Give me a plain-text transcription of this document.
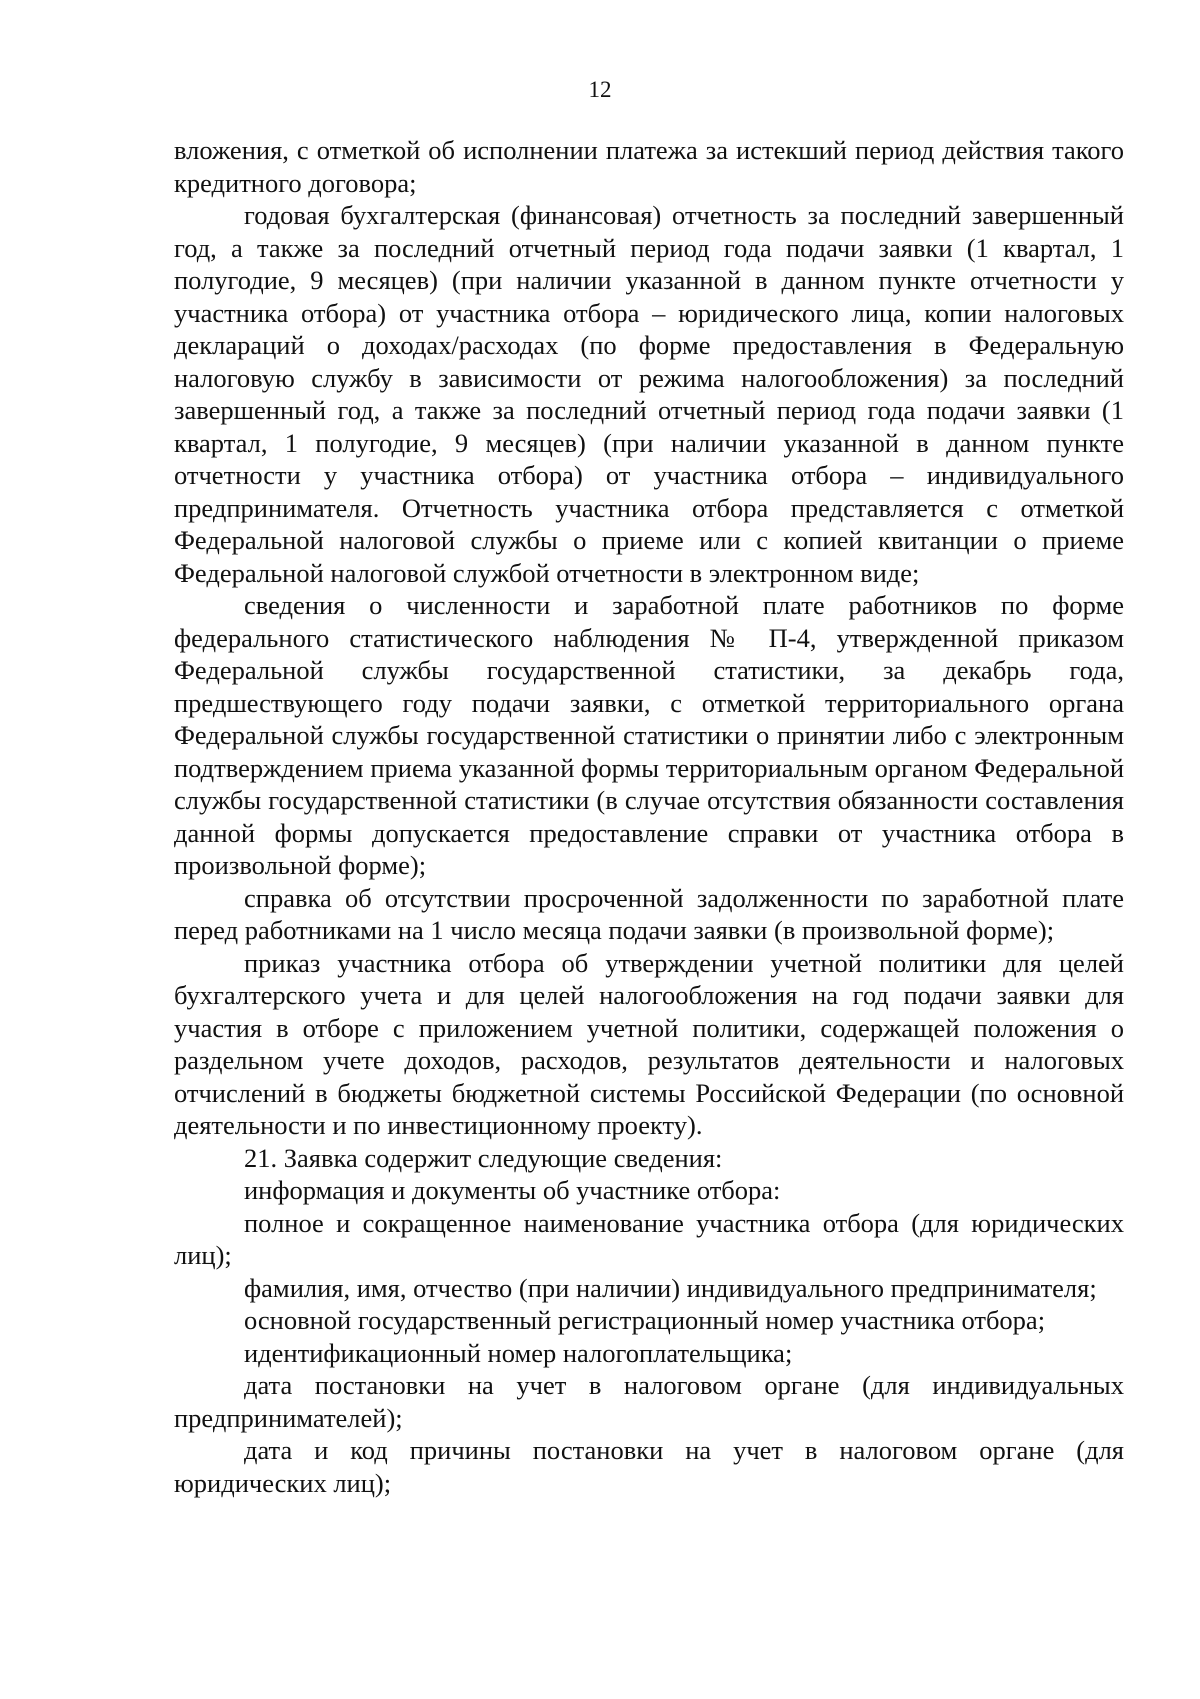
12

вложения, с отметкой об исполнении платежа за истекший период действия такого кредитного договора;

годовая бухгалтерская (финансовая) отчетность за последний завершенный год, а также за последний отчетный период года подачи заявки (1 квартал, 1 полугодие, 9 месяцев) (при наличии указанной в данном пункте отчетности у участника отбора) от участника отбора – юридического лица, копии налоговых деклараций о доходах/расходах (по форме предоставления в Федеральную налоговую службу в зависимости от режима налогообложения) за последний завершенный год, а также за последний отчетный период года подачи заявки (1 квартал, 1 полугодие, 9 месяцев) (при наличии указанной в данном пункте отчетности у участника отбора) от участника отбора – индивидуального предпринимателя. Отчетность участника отбора представляется с отметкой Федеральной налоговой службы о приеме или с копией квитанции о приеме Федеральной налоговой службой отчетности в электронном виде;

сведения о численности и заработной плате работников по форме федерального статистического наблюдения № П-4, утвержденной приказом Федеральной службы государственной статистики, за декабрь года, предшествующего году подачи заявки, с отметкой территориального органа Федеральной службы государственной статистики о принятии либо с электронным подтверждением приема указанной формы территориальным органом Федеральной службы государственной статистики (в случае отсутствия обязанности составления данной формы допускается предоставление справки от участника отбора в произвольной форме);

справка об отсутствии просроченной задолженности по заработной плате перед работниками на 1 число месяца подачи заявки (в произвольной форме);

приказ участника отбора об утверждении учетной политики для целей бухгалтерского учета и для целей налогообложения на год подачи заявки для участия в отборе с приложением учетной политики, содержащей положения о раздельном учете доходов, расходов, результатов деятельности и налоговых отчислений в бюджеты бюджетной системы Российской Федерации (по основной деятельности и по инвестиционному проекту).

21. Заявка содержит следующие сведения:

информация и документы об участнике отбора:

полное и сокращенное наименование участника отбора (для юридических лиц);

фамилия, имя, отчество (при наличии) индивидуального предпринимателя;

основной государственный регистрационный номер участника отбора;

идентификационный номер налогоплательщика;

дата постановки на учет в налоговом органе (для индивидуальных предпринимателей);

дата и код причины постановки на учет в налоговом органе (для юридических лиц);
